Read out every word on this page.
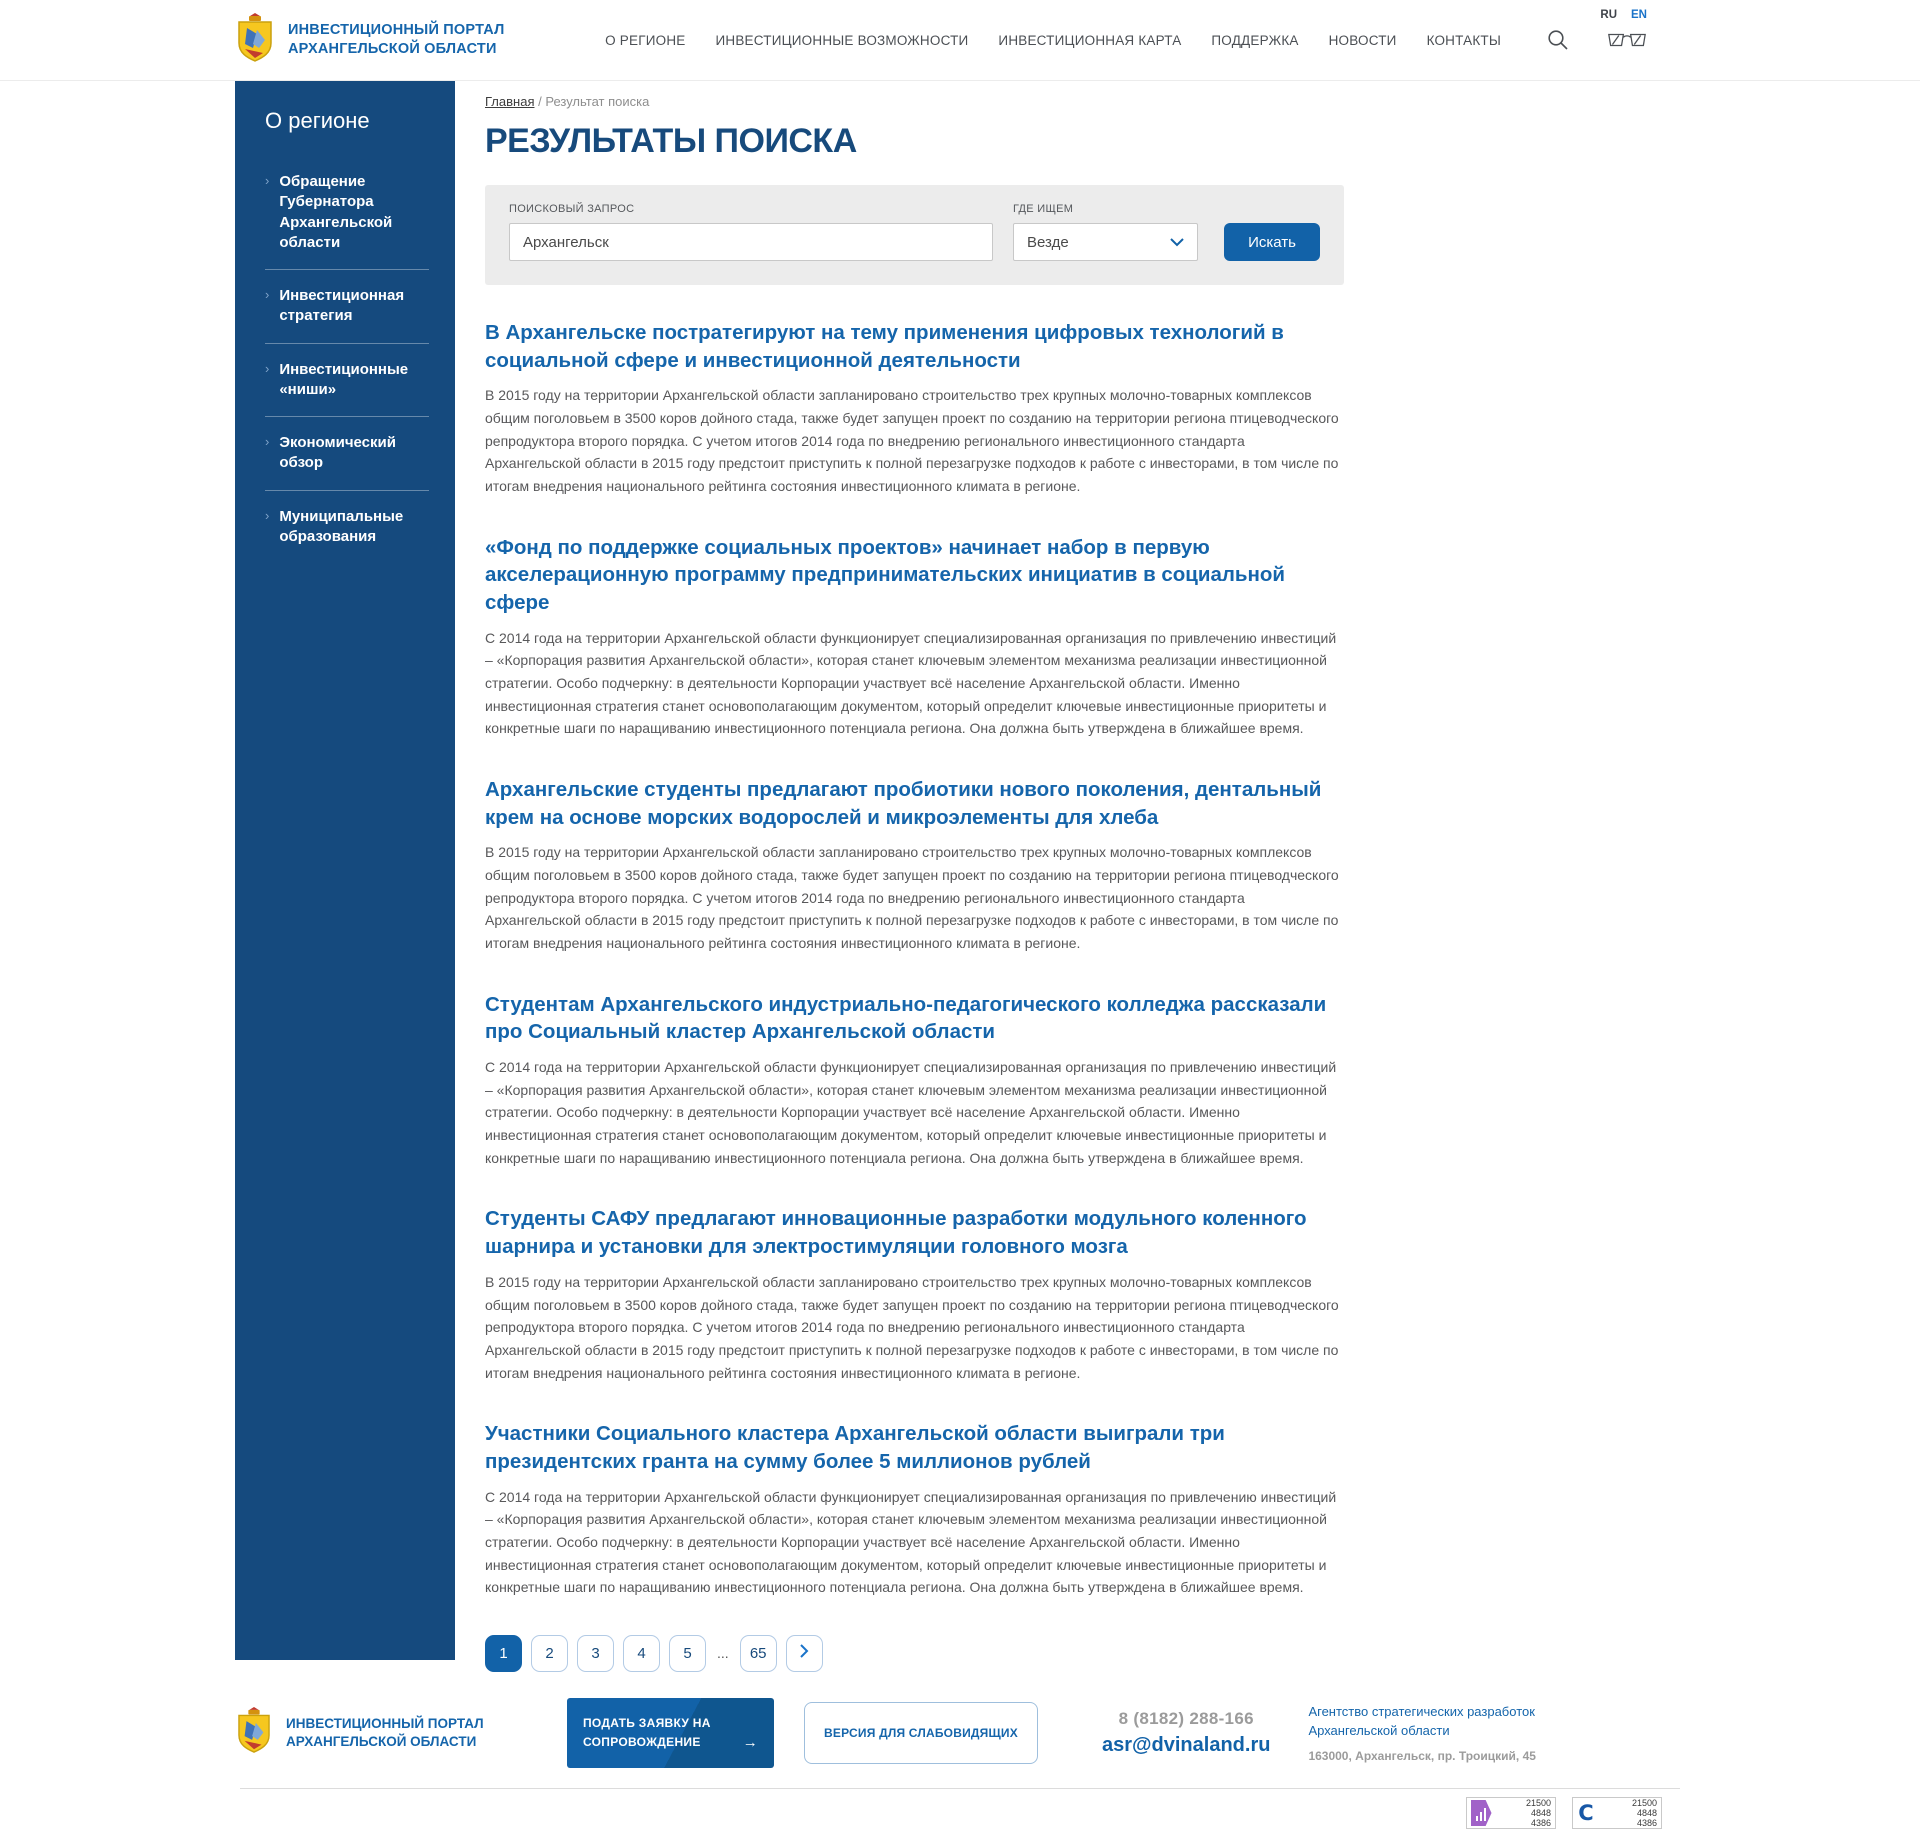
ИНВЕСТИЦИОННЫЙ ПОРТАЛ
АРХАНГЕЛЬСКОЙ ОБЛАСТИ
О РЕГИОНЕ ИНВЕСТИЦИОННЫЕ ВОЗМОЖНОСТИ ИНВЕСТИЦИОННАЯ КАРТА ПОДДЕРЖКА НОВОСТИ КОНТАКТЫ
RU EN
О регионе
› Обращение Губернатора Архангельской области
› Инвестиционная стратегия
› Инвестиционные «ниши»
› Экономический обзор
› Муниципальные образования
Главная / Результат поиска
РЕЗУЛЬТАТЫ ПОИСКА
ПОИСКОВЫЙ ЗАПРОС
Архангельск	ГДЕ ИЩЕМ
Везде	Искать
В Архангельске постратегируют на тему применения цифровых технологий в социальной сфере и инвестиционной деятельности

В 2015 году на территории Архангельской области запланировано строительство трех крупных молочно-товарных комплексов общим поголовьем в 3500 коров дойного стада, также будет запущен проект по созданию на территории региона птицеводческого репродуктора второго порядка. С учетом итогов 2014 года по внедрению регионального инвестиционного стандарта Архангельской области в 2015 году предстоит приступить к полной перезагрузке подходов к работе с инвесторами, в том числе по итогам внедрения национального рейтинга состояния инвестиционного климата в регионе.

«Фонд по поддержке социальных проектов» начинает набор в первую акселерационную программу предпринимательских инициатив в социальной сфере

С 2014 года на территории Архангельской области функционирует специализированная организация по привлечению инвестиций – «Корпорация развития Архангельской области», которая станет ключевым элементом механизма реализации инвестиционной стратегии. Особо подчеркну: в деятельности Корпорации участвует всё население Архангельской области. Именно инвестиционная стратегия станет основополагающим документом, который определит ключевые инвестиционные приоритеты и конкретные шаги по наращиванию инвестиционного потенциала региона. Она должна быть утверждена в ближайшее время.

Архангельские студенты предлагают пробиотики нового поколения, дентальный крем на основе морских водорослей и микроэлементы для хлеба

В 2015 году на территории Архангельской области запланировано строительство трех крупных молочно-товарных комплексов общим поголовьем в 3500 коров дойного стада, также будет запущен проект по созданию на территории региона птицеводческого репродуктора второго порядка. С учетом итогов 2014 года по внедрению регионального инвестиционного стандарта Архангельской области в 2015 году предстоит приступить к полной перезагрузке подходов к работе с инвесторами, в том числе по итогам внедрения национального рейтинга состояния инвестиционного климата в регионе.

Студентам Архангельского индустриально-педагогического колледжа рассказали про Социальный кластер Архангельской области

С 2014 года на территории Архангельской области функционирует специализированная организация по привлечению инвестиций – «Корпорация развития Архангельской области», которая станет ключевым элементом механизма реализации инвестиционной стратегии. Особо подчеркну: в деятельности Корпорации участвует всё население Архангельской области. Именно инвестиционная стратегия станет основополагающим документом, который определит ключевые инвестиционные приоритеты и конкретные шаги по наращиванию инвестиционного потенциала региона. Она должна быть утверждена в ближайшее время.

Студенты САФУ предлагают инновационные разработки модульного коленного шарнира и установки для электростимуляции головного мозга

В 2015 году на территории Архангельской области запланировано строительство трех крупных молочно-товарных комплексов общим поголовьем в 3500 коров дойного стада, также будет запущен проект по созданию на территории региона птицеводческого репродуктора второго порядка. С учетом итогов 2014 года по внедрению регионального инвестиционного стандарта Архангельской области в 2015 году предстоит приступить к полной перезагрузке подходов к работе с инвесторами, в том числе по итогам внедрения национального рейтинга состояния инвестиционного климата в регионе.

Участники Социального кластера Архангельской области выиграли три президентских гранта на сумму более 5 миллионов рублей

С 2014 года на территории Архангельской области функционирует специализированная организация по привлечению инвестиций – «Корпорация развития Архангельской области», которая станет ключевым элементом механизма реализации инвестиционной стратегии. Особо подчеркну: в деятельности Корпорации участвует всё население Архангельской области. Именно инвестиционная стратегия станет основополагающим документом, который определит ключевые инвестиционные приоритеты и конкретные шаги по наращиванию инвестиционного потенциала региона. Она должна быть утверждена в ближайшее время.

1	2	3	4	5	...	65
ИНВЕСТИЦИОННЫЙ ПОРТАЛ
АРХАНГЕЛЬСКОЙ ОБЛАСТИ
ПОДАТЬ ЗАЯВКУ НА СОПРОВОЖДЕНИЕ	→
ВЕРСИЯ ДЛЯ СЛАБОВИДЯЩИХ
8 (8182) 288-166
asr@dvinaland.ru
Агентство стратегических разработок
Архангельской области
163000, Архангельск, пр. Троицкий, 45
21500
4848
4386 C	21500
4848
4386
